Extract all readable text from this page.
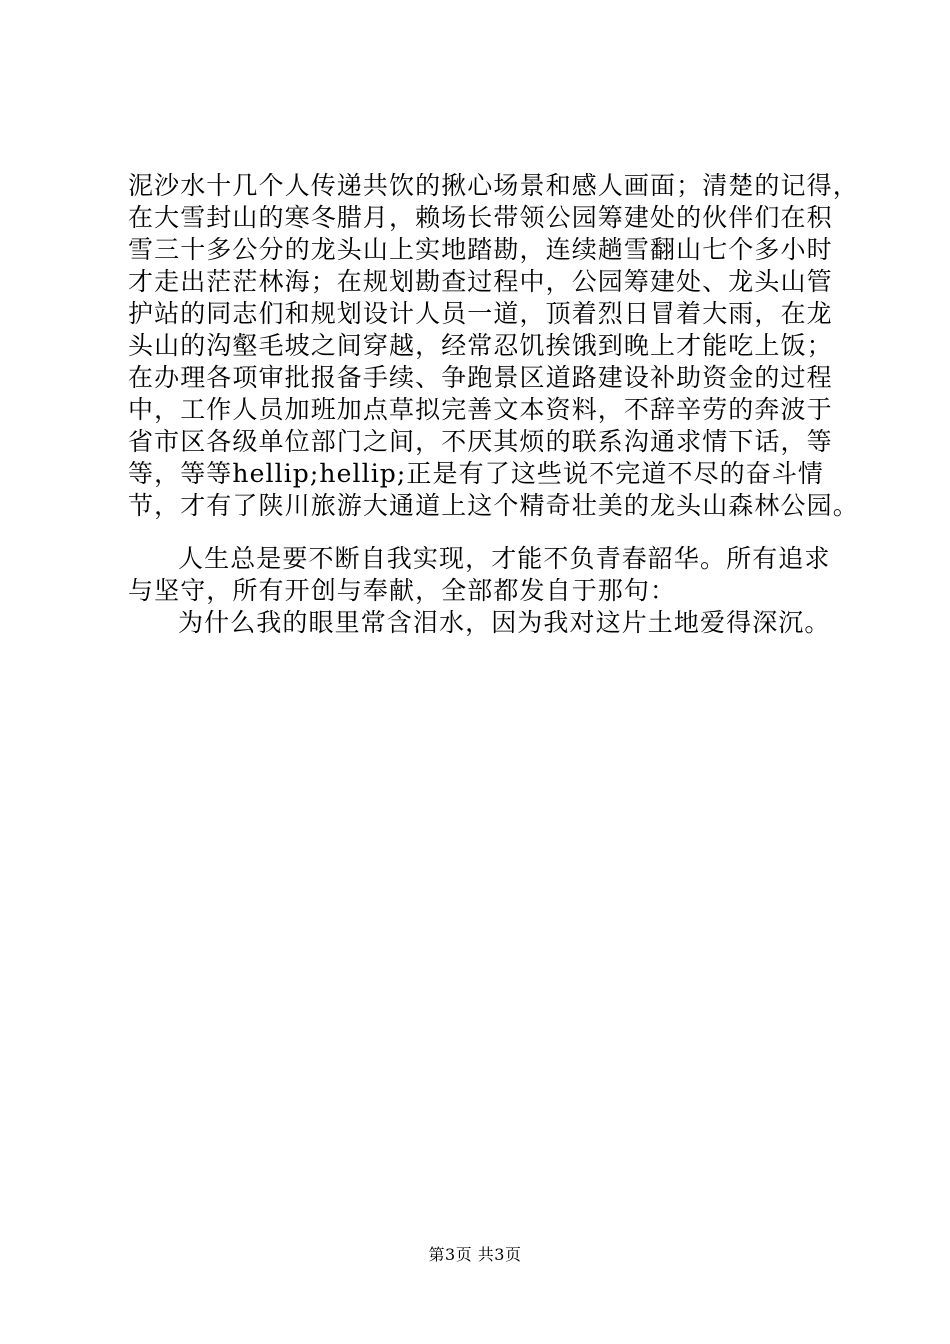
泥沙水十几个人传递共饮的揪心场景和感人画面；清楚的记得，
在大雪封山的寒冬腊月，赖场长带领公园筹建处的伙伴们在积
雪三十多公分的龙头山上实地踏勘，连续趟雪翻山七个多小时
才走出茫茫林海；在规划勘查过程中，公园筹建处、龙头山管
护站的同志们和规划设计人员一道，顶着烈日冒着大雨，在龙
头山的沟壑毛坡之间穿越，经常忍饥挨饿到晚上才能吃上饭；
在办理各项审批报备手续、争跑景区道路建设补助资金的过程
中，工作人员加班加点草拟完善文本资料，不辞辛劳的奔波于
省市区各级单位部门之间，不厌其烦的联系沟通求情下话，等
等，等等hellip;hellip;正是有了这些说不完道不尽的奋斗情
节，才有了陕川旅游大通道上这个精奇壮美的龙头山森林公园。
人生总是要不断自我实现，才能不负青春韶华。所有追求
与坚守，所有开创与奉献，全部都发自于那句：
为什么我的眼里常含泪水，因为我对这片土地爱得深沉。
第3页 共3页
